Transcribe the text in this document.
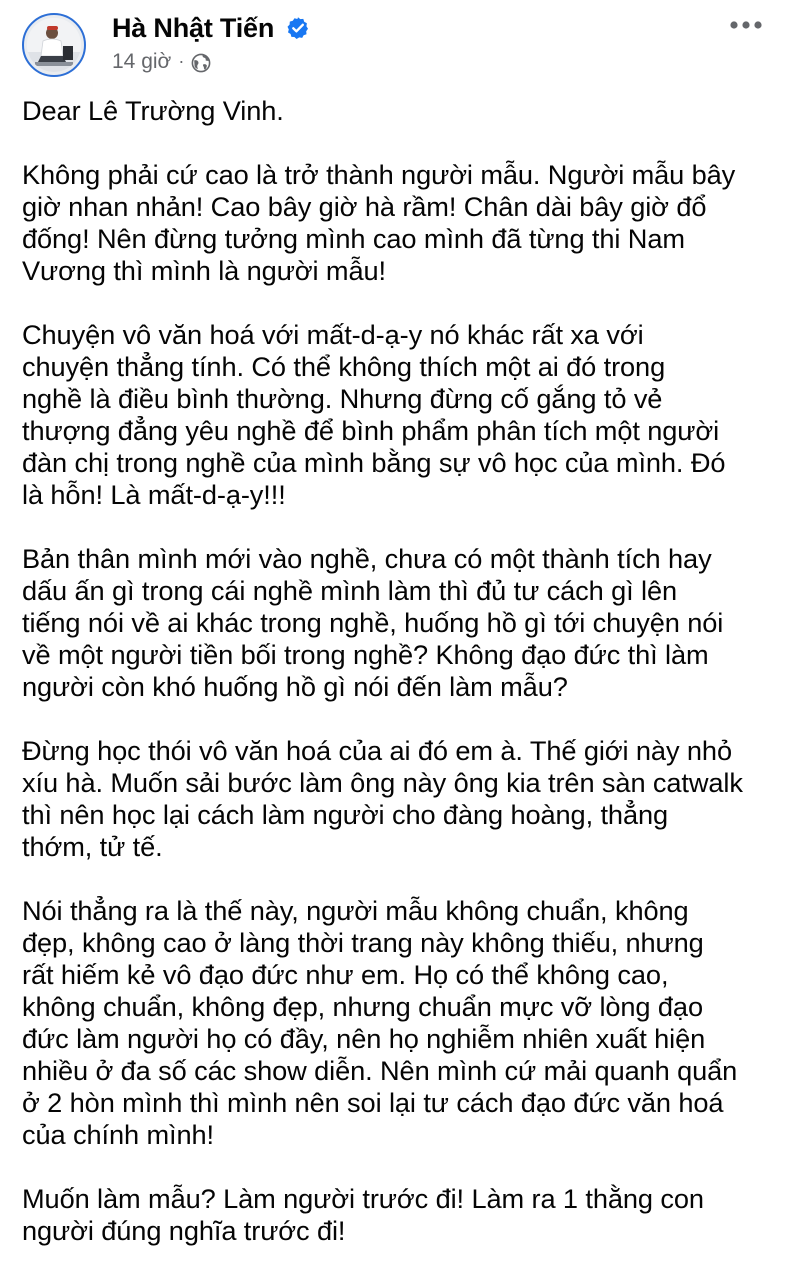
Hà Nhật Tiến
14 giờ ·

Dear Lê Trường Vinh.

Không phải cứ cao là trở thành người mẫu. Người mẫu bây
giờ nhan nhản! Cao bây giờ hà rầm! Chân dài bây giờ đổ
đống! Nên đừng tưởng mình cao mình đã từng thi Nam
Vương thì mình là người mẫu!

Chuyện vô văn hoá với mất-d-ạ-y nó khác rất xa với
chuyện thẳng tính. Có thể không thích một ai đó trong
nghề là điều bình thường. Nhưng đừng cố gắng tỏ vẻ
thượng đẳng yêu nghề để bình phẩm phân tích một người
đàn chị trong nghề của mình bằng sự vô học của mình. Đó
là hỗn! Là mất-d-ạ-y!!!

Bản thân mình mới vào nghề, chưa có một thành tích hay
dấu ấn gì trong cái nghề mình làm thì đủ tư cách gì lên
tiếng nói về ai khác trong nghề, huống hồ gì tới chuyện nói
về một người tiền bối trong nghề? Không đạo đức thì làm
người còn khó huống hồ gì nói đến làm mẫu?

Đừng học thói vô văn hoá của ai đó em à. Thế giới này nhỏ
xíu hà. Muốn sải bước làm ông này ông kia trên sàn catwalk
thì nên học lại cách làm người cho đàng hoàng, thẳng
thớm, tử tế.

Nói thẳng ra là thế này, người mẫu không chuẩn, không
đẹp, không cao ở làng thời trang này không thiếu, nhưng
rất hiếm kẻ vô đạo đức như em. Họ có thể không cao,
không chuẩn, không đẹp, nhưng chuẩn mực vỡ lòng đạo
đức làm người họ có đầy, nên họ nghiễm nhiên xuất hiện
nhiều ở đa số các show diễn. Nên mình cứ mải quanh quẩn
ở 2 hòn mình thì mình nên soi lại tư cách đạo đức văn hoá
của chính mình!

Muốn làm mẫu? Làm người trước đi! Làm ra 1 thằng con
người đúng nghĩa trước đi!
